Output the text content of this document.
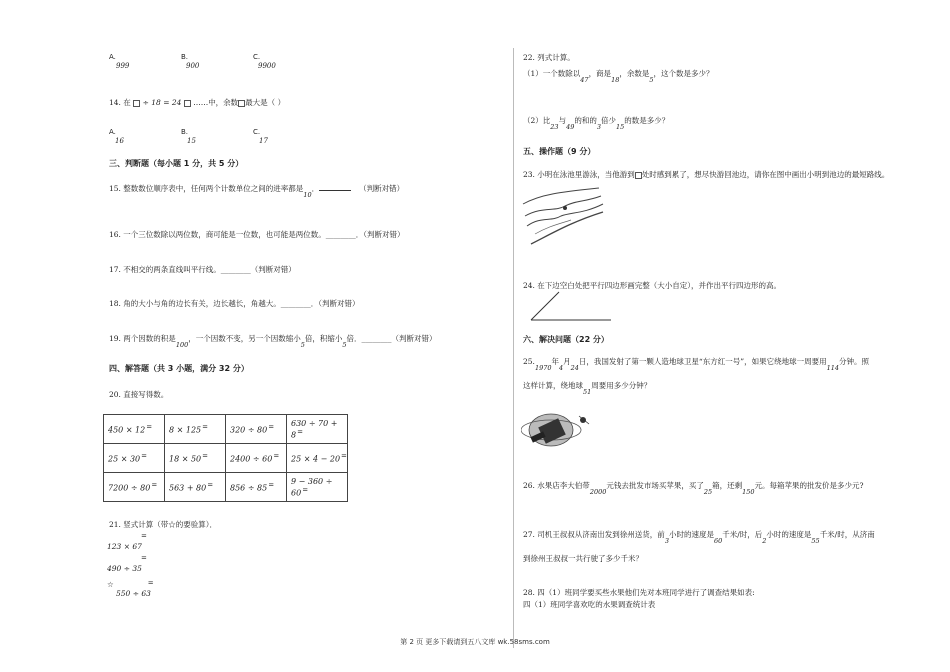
A.
999
B.
900
C.
9900
14. 在 ÷ 18 = 24 ……中，余数 最大是（ ）
A.
16
B.
15
C.
17
三、判断题（每小题 1 分，共 5 分）
15. 整数数位顺序表中，任何两个计数单位之间的进率都是10．	（判断对错）
16. 一个三位数除以两位数，商可能是一位数，也可能是两位数。________．（判断对错）
17. 不相交的两条直线叫平行线。________（判断对错）
18. 角的大小与角的边长有关，边长越长，角越大。________．（判断对错）
19. 两个因数的积是100，一个因数不变，另一个因数缩小5倍，积缩小5倍．________（判断对错）
四、解答题（共 3 小题，满分 32 分）
20. 直接写得数。
450 × 12=	8 × 125=	320 ÷ 80=	630 ÷ 70 + 8=
25 × 30=	18 × 50=	2400 ÷ 60=	25 × 4 − 20=
7200 ÷ 80=	563 + 80=	856 ÷ 85=	9 − 360 ÷ 60=
21. 竖式计算（带☆的要验算）．
=
123 × 67
=
490 ÷ 35
☆	=
550 ÷ 63
22. 列式计算。
（1）一个数除以47，商是18，余数是5，这个数是多少？
（2）比23与49的和的3倍少15的数是多少？
五、操作题（9 分）
23. 小明在泳池里游泳，当他游到 处时感到累了，想尽快游回池边，请你在图中画出小明到池边的最短路线。
24. 在下边空白处把平行四边形画完整（大小自定），并作出平行四边形的高。
六、解决问题（22 分）
25.1970年4月24日，我国发射了第一颗人造地球卫星“东方红一号”，如果它绕地球一周要用114分钟。照
这样计算，绕地球51周要用多少分钟？
26. 水果店李大伯带2000元钱去批发市场买苹果，买了25箱，还剩150元。每箱苹果的批发价是多少元?
27. 司机王叔叔从济南出发到徐州送货，前3小时的速度是60千米/时，后2小时的速度是55千米/时，从济南
到徐州王叔叔一共行驶了多少千米？
28. 四（1）班同学要买些水果他们先对本班同学进行了调查结果如表:
四（1）班同学喜欢吃的水果调查统计表
第 2 页 更多下载请到五八文库 wk.58sms.com
